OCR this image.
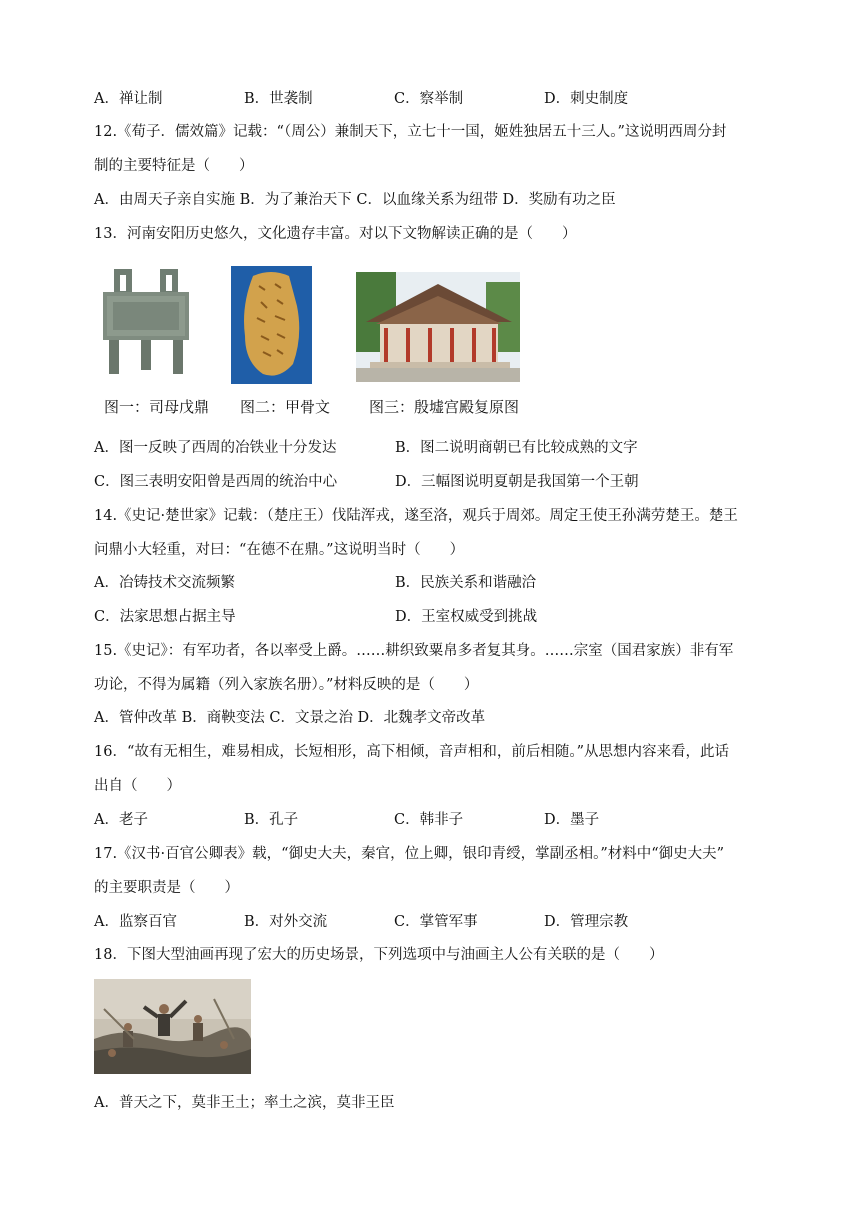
A．禅让制	B．世袭制	C．察举制	D．刺史制度
12.《荀子．儒效篇》记载：“（周公）兼制天下，立七十一国，姬姓独居五十三人。”这说明西周分封
制的主要特征是（　　）
A．由周天子亲自实施 B．为了兼治天下 C．以血缘关系为纽带 D．奖励有功之臣
13．河南安阳历史悠久，文化遗存丰富。对以下文物解读正确的是（　　）
图一：司母戊鼎 图二：甲骨文	图三：殷墟宫殿复原图
A．图一反映了西周的冶铁业十分发达	B．图二说明商朝已有比较成熟的文字
C．图三表明安阳曾是西周的统治中心	D．三幅图说明夏朝是我国第一个王朝
14.《史记·楚世家》记载：（楚庄王）伐陆浑戎，遂至洛，观兵于周郊。周定王使王孙满劳楚王。楚王
问鼎小大轻重，对曰：“在德不在鼎。”这说明当时（　　）
A．冶铸技术交流频繁	B．民族关系和谐融洽
C．法家思想占据主导	D．王室权威受到挑战
15.《史记》：有军功者，各以率受上爵。……耕织致粟帛多者复其身。……宗室（国君家族）非有军
功论，不得为属籍（列入家族名册）。”材料反映的是（　　）
A．管仲改革 B．商鞅变法 C．文景之治 D．北魏孝文帝改革
16．“故有无相生，难易相成，长短相形，高下相倾，音声相和，前后相随。”从思想内容来看，此话
出自（　　）
A．老子	B．孔子	C．韩非子	D．墨子
17.《汉书·百官公卿表》载，“御史大夫，秦官，位上卿，银印青绶，掌副丞相。”材料中“御史大夫”
的主要职责是（　　）
A．监察百官	B．对外交流	C．掌管军事	D．管理宗教
18．下图大型油画再现了宏大的历史场景，下列选项中与油画主人公有关联的是（　　）
A．普天之下，莫非王土；率土之滨，莫非王臣
